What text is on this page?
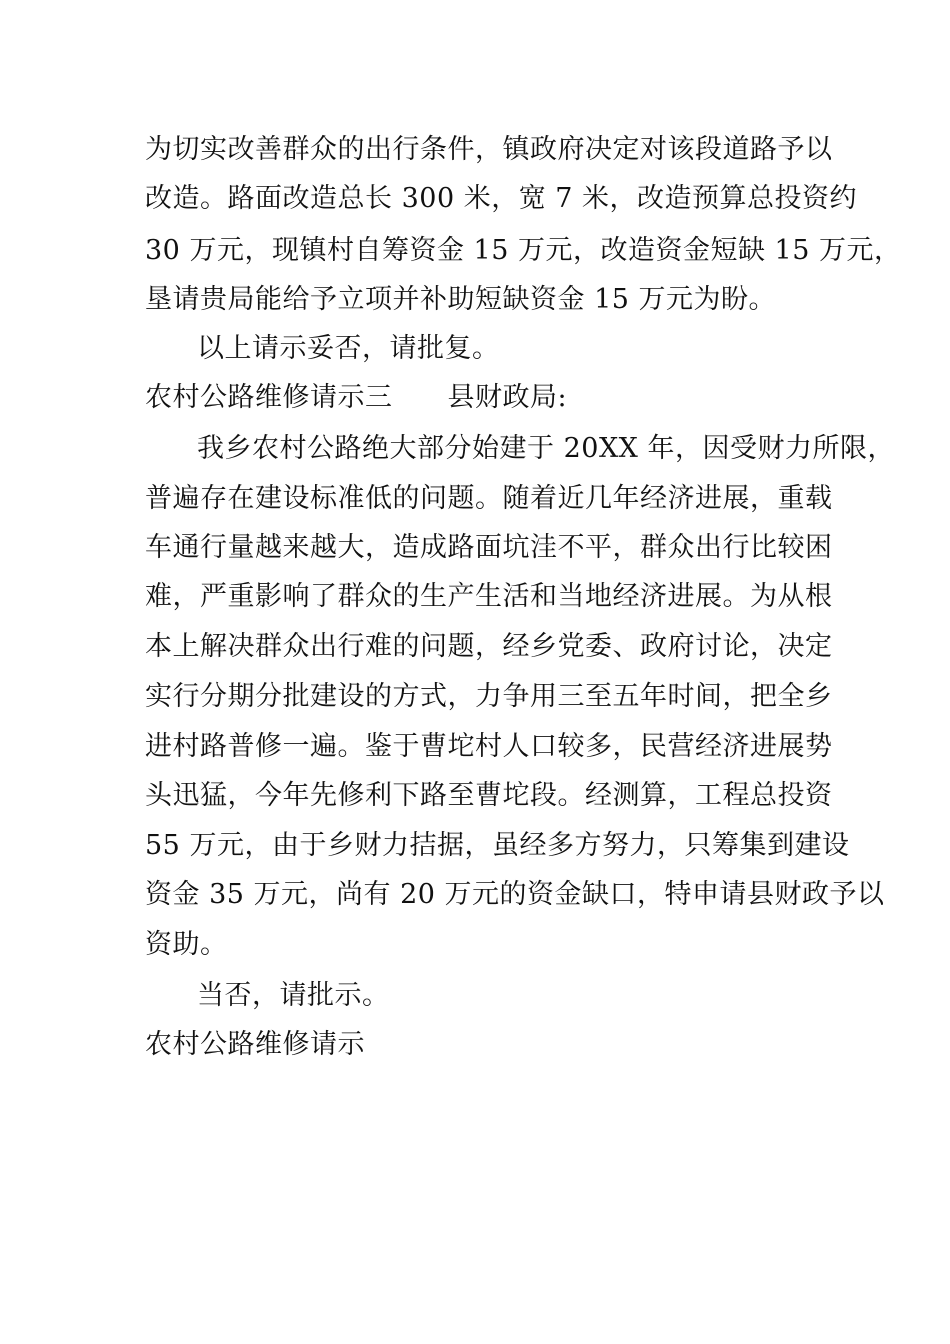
为切实改善群众的出行条件，镇政府决定对该段道路予以
改造。路面改造总长 300 米，宽 7 米，改造预算总投资约
30 万元，现镇村自筹资金 15 万元，改造资金短缺 15 万元，
垦请贵局能给予立项并补助短缺资金 15 万元为盼。
以上请示妥否，请批复。
农村公路维修请示三　　县财政局:
我乡农村公路绝大部分始建于 20XX 年，因受财力所限，
普遍存在建设标准低的问题。随着近几年经济进展，重载
车通行量越来越大，造成路面坑洼不平，群众出行比较困
难，严重影响了群众的生产生活和当地经济进展。为从根
本上解决群众出行难的问题，经乡党委、政府讨论，决定
实行分期分批建设的方式，力争用三至五年时间，把全乡
进村路普修一遍。鉴于曹坨村人口较多，民营经济进展势
头迅猛，今年先修利下路至曹坨段。经测算，工程总投资
55 万元，由于乡财力拮据，虽经多方努力，只筹集到建设
资金 35 万元，尚有 20 万元的资金缺口，特申请县财政予以
资助。
当否，请批示。
农村公路维修请示
